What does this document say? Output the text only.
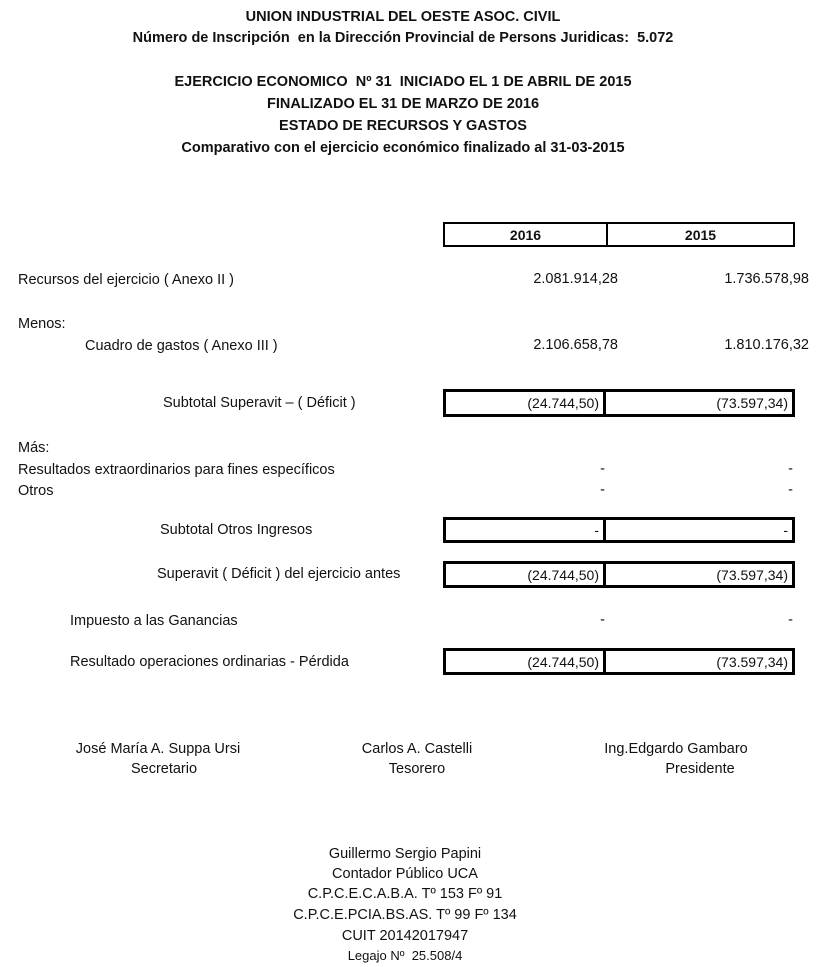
UNION INDUSTRIAL DEL OESTE ASOC. CIVIL
Número de Inscripción  en la Dirección Provincial de Persons Juridicas:  5.072
EJERCICIO ECONOMICO  Nº 31  INICIADO EL 1 DE ABRIL DE 2015
FINALIZADO EL 31 DE MARZO DE 2016
ESTADO DE RECURSOS Y GASTOS
Comparativo con el ejercicio económico finalizado al 31-03-2015
2016	2015
Recursos del ejercicio ( Anexo II )	2.081.914,28	1.736.578,98
Menos:
Cuadro de gastos ( Anexo III )	2.106.658,78	1.810.176,32
Subtotal Superavit – ( Déficit )	(24.744,50)	(73.597,34)
Más:
Resultados extraordinarios para fines específicos	-	-
Otros	-	-
Subtotal Otros Ingresos	-	-
Superavit ( Déficit ) del ejercicio antes	(24.744,50)	(73.597,34)
Impuesto a las Ganancias	-	-
Resultado operaciones ordinarias - Pérdida	(24.744,50)	(73.597,34)
José María A. Suppa Ursi
Secretario
Carlos A. Castelli
Tesorero
Ing.Edgardo Gambaro
Presidente
Guillermo Sergio Papini
Contador Público UCA
C.P.C.E.C.A.B.A. Tº 153 Fº 91
C.P.C.E.PCIA.BS.AS. Tº 99 Fº 134
CUIT 20142017947
Legajo Nº  25.508/4
